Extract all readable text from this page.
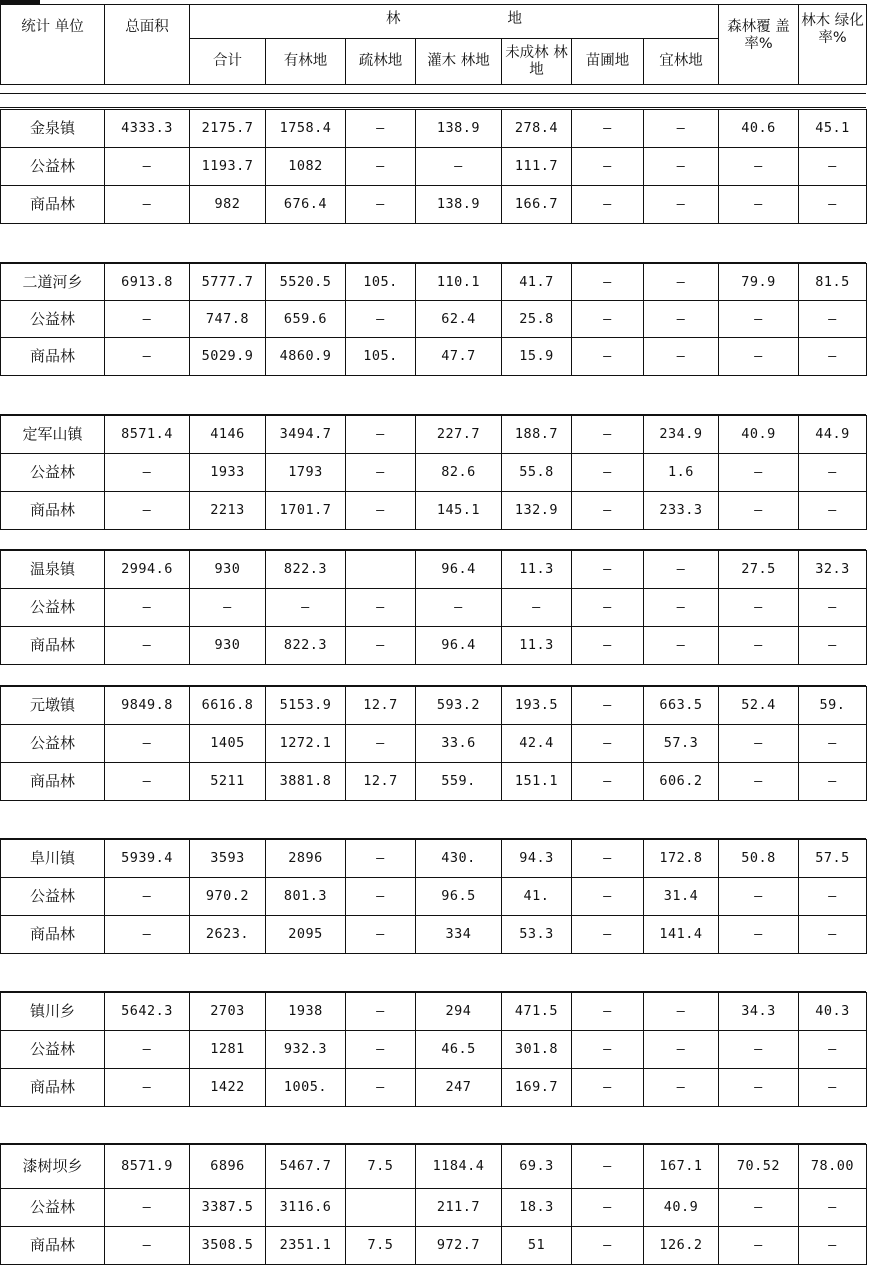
统计 单位	总面积	林　　地							森林覆 盖率%	林木 绿化 率%
		合计	有林地	疏林地	灌木 林地	未成林 林地	苗圃地	宜林地		
金泉镇	4333.3	2175.7	1758.4	—	138.9	278.4	—	—	40.6	45.1
公益林	—	1193.7	1082	—	—	111.7	—	—	—	—
商品林	—	982	676.4	—	138.9	166.7	—	—	—	—
二道河乡	6913.8	5777.7	5520.5	105.	110.1	41.7	—	—	79.9	81.5
公益林	—	747.8	659.6	—	62.4	25.8	—	—	—	—
商品林	—	5029.9	4860.9	105.	47.7	15.9	—	—	—	—
定军山镇	8571.4	4146	3494.7	—	227.7	188.7	—	234.9	40.9	44.9
公益林	—	1933	1793	—	82.6	55.8	—	1.6	—	—
商品林	—	2213	1701.7	—	145.1	132.9	—	233.3	—	—
温泉镇	2994.6	930	822.3		96.4	11.3	—	—	27.5	32.3
公益林	—	—	—	—	—	—	—	—	—	—
商品林	—	930	822.3	—	96.4	11.3	—	—	—	—
元墩镇	9849.8	6616.8	5153.9	12.7	593.2	193.5	—	663.5	52.4	59.
公益林	—	1405	1272.1	—	33.6	42.4	—	57.3	—	—
商品林	—	5211	3881.8	12.7	559.	151.1	—	606.2	—	—
阜川镇	5939.4	3593	2896	—	430.	94.3	—	172.8	50.8	57.5
公益林	—	970.2	801.3	—	96.5	41.	—	31.4	—	—
商品林	—	2623.	2095	—	334	53.3	—	141.4	—	—
镇川乡	5642.3	2703	1938	—	294	471.5	—	—	34.3	40.3
公益林	—	1281	932.3	—	46.5	301.8	—	—	—	—
商品林	—	1422	1005.	—	247	169.7	—	—	—	—
漆树坝乡	8571.9	6896	5467.7	7.5	1184.4	69.3	—	167.1	70.52	78.00
公益林	—	3387.5	3116.6		211.7	18.3	—	40.9	—	—
商品林	—	3508.5	2351.1	7.5	972.7	51	—	126.2	—	—
